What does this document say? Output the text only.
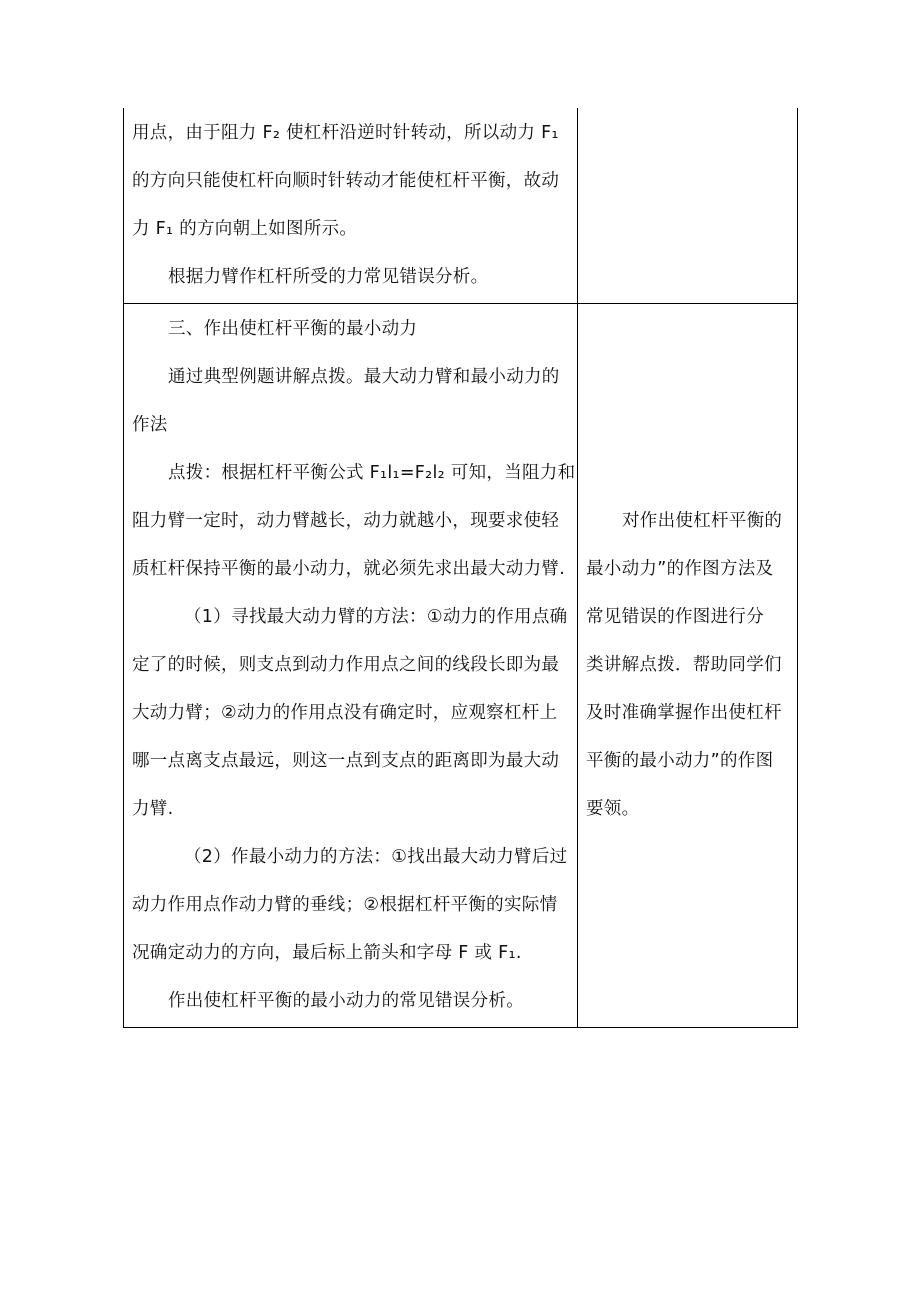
用点，由于阻力 F₂ 使杠杆沿逆时针转动，所以动力 F₁

的方向只能使杠杆向顺时针转动才能使杠杆平衡，故动

力 F₁ 的方向朝上如图所示。

根据力臂作杠杆所受的力常见错误分析。

三、作出使杠杆平衡的最小动力

通过典型例题讲解点拨。最大动力臂和最小动力的

作法

点拨：根据杠杆平衡公式 F₁l₁=F₂l₂ 可知，当阻力和

阻力臂一定时，动力臂越长，动力就越小，现要求使轻

质杠杆保持平衡的最小动力，就必须先求出最大动力臂.

（1）寻找最大动力臂的方法：①动力的作用点确

定了的时候，则支点到动力作用点之间的线段长即为最

大动力臂；②动力的作用点没有确定时，应观察杠杆上

哪一点离支点最远，则这一点到支点的距离即为最大动

力臂.

（2）作最小动力的方法：①找出最大动力臂后过

动力作用点作动力臂的垂线；②根据杠杆平衡的实际情

况确定动力的方向，最后标上箭头和字母 F 或 F₁.

作出使杠杆平衡的最小动力的常见错误分析。

对作出使杠杆平衡的

最小动力”的作图方法及

常见错误的作图进行分

类讲解点拨．帮助同学们

及时准确掌握作出使杠杆

平衡的最小动力”的作图

要领。
